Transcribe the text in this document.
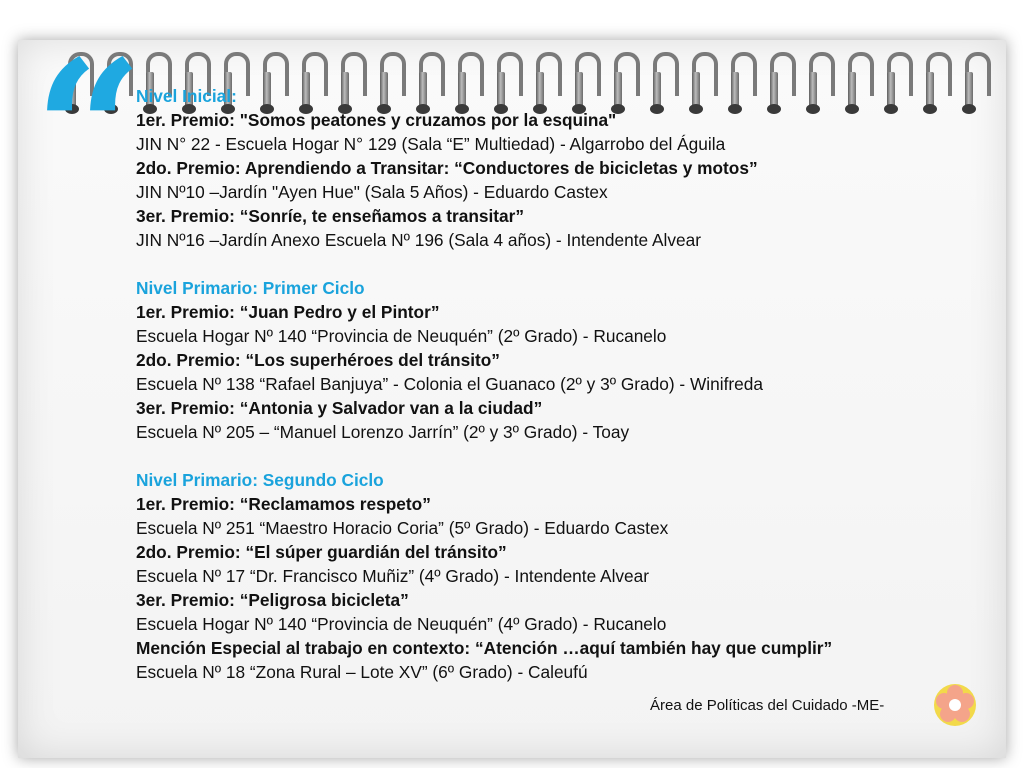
“
Nivel Inicial:
1er. Premio: "Somos peatones y cruzamos por la esquina"
JIN N° 22 - Escuela Hogar N° 129 (Sala “E” Multiedad) - Algarrobo del Águila
2do. Premio: Aprendiendo a Transitar: “Conductores de bicicletas y motos”
JIN Nº10 –Jardín "Ayen Hue" (Sala 5 Años) - Eduardo Castex
3er. Premio: “Sonríe, te enseñamos a transitar”
JIN Nº16 –Jardín Anexo Escuela Nº 196 (Sala 4 años) - Intendente Alvear
Nivel Primario: Primer Ciclo
1er. Premio: “Juan Pedro y el Pintor”
Escuela Hogar Nº 140 “Provincia de Neuquén” (2º Grado) - Rucanelo
2do. Premio: “Los superhéroes del tránsito”
Escuela Nº 138 “Rafael Banjuya” - Colonia el Guanaco (2º y 3º Grado) - Winifreda
3er. Premio: “Antonia y Salvador van a la ciudad”
Escuela Nº 205 – “Manuel Lorenzo Jarrín” (2º y 3º Grado) - Toay
Nivel Primario: Segundo Ciclo
1er. Premio: “Reclamamos respeto”
Escuela Nº 251 “Maestro Horacio Coria” (5º Grado) - Eduardo Castex
2do. Premio: “El súper guardián del tránsito”
Escuela Nº 17 “Dr. Francisco Muñiz” (4º Grado) - Intendente Alvear
3er. Premio: “Peligrosa bicicleta”
Escuela Hogar Nº 140 “Provincia de Neuquén” (4º Grado) - Rucanelo
Mención Especial al trabajo en contexto: “Atención …aquí también hay que cumplir”
Escuela Nº 18 “Zona Rural – Lote XV” (6º Grado) - Caleufú
Área de Políticas del Cuidado -ME-
